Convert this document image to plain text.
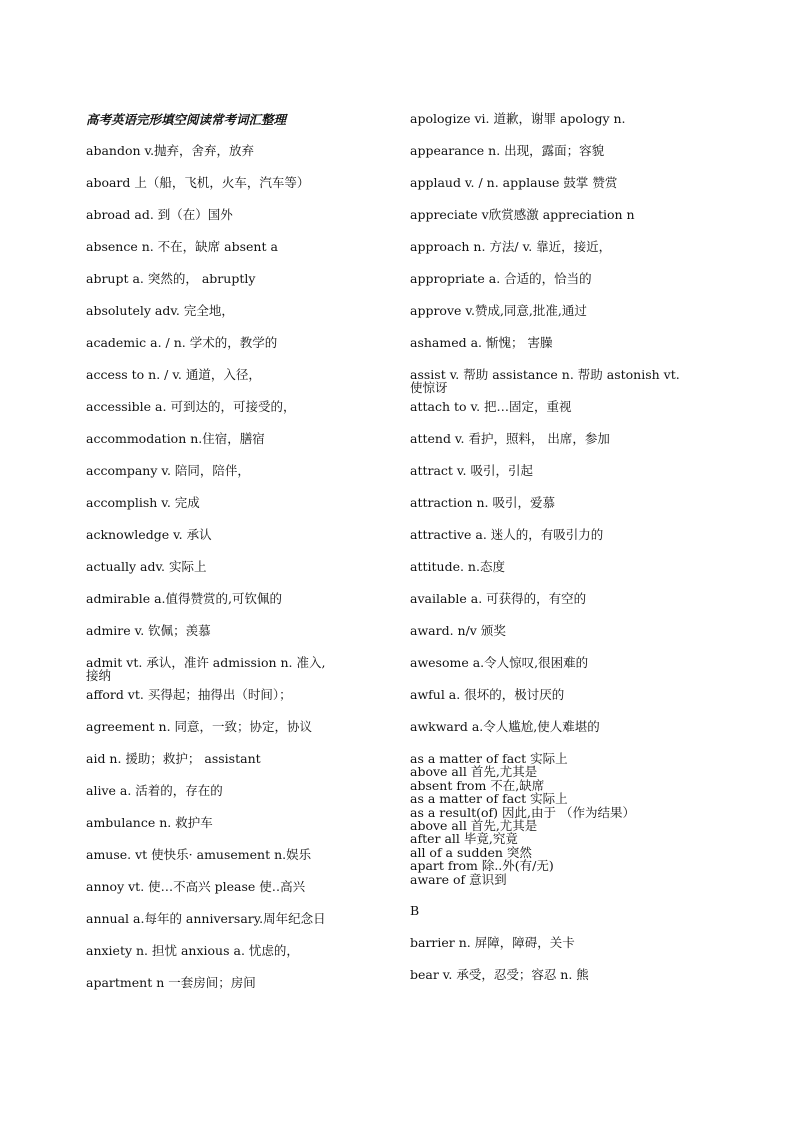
高考英语完形填空阅读常考词汇整理
abandon v.抛弃，舍弃，放弃
aboard 上（船，飞机，火车，汽车等）
abroad ad. 到（在）国外
absence n. 不在，缺席 absent a
abrupt a. 突然的， abruptly
absolutely adv. 完全地，
academic a. / n. 学术的，教学的
access to n. / v. 通道，入径，
accessible a. 可到达的，可接受的，
accommodation n.住宿，膳宿
accompany v. 陪同，陪伴，
accomplish v. 完成
acknowledge v. 承认
actually adv. 实际上
admirable a.值得赞赏的,可钦佩的
admire v. 钦佩；羡慕
admit vt. 承认，准许 admission n. 准入, 接纳
afford vt. 买得起；抽得出（时间）；
agreement n. 同意，一致；协定，协议
aid n. 援助；救护； assistant
alive a. 活着的，存在的
ambulance n. 救护车
amuse. vt 使快乐· amusement n.娱乐
annoy vt. 使…不高兴 please 使‥高兴
annual a.每年的 anniversary.周年纪念日
anxiety n. 担忧 anxious a. 忧虑的，
apartment n 一套房间；房间
apologize vi. 道歉，谢罪 apology n.
appearance n. 出现，露面；容貌
applaud v. / n. applause 鼓掌 赞赏
appreciate v欣赏感激 appreciation n
approach n. 方法/ v. 靠近，接近，
appropriate a. 合适的，恰当的
approve v.赞成,同意,批准,通过
ashamed a. 惭愧； 害臊
assist v. 帮助 assistance n. 帮助 astonish vt. 使惊讶
attach to v. 把…固定，重视
attend v. 看护，照料， 出席，参加
attract v. 吸引，引起
attraction n. 吸引，爱慕
attractive a. 迷人的，有吸引力的
attitude. n.态度
available a. 可获得的，有空的
award. n/v 颁奖
awesome a.令人惊叹,很困难的
awful a. 很坏的，极讨厌的
awkward a.令人尴尬,使人难堪的
as a matter of fact 实际上
above all 首先,尤其是
absent from 不在,缺席
as a matter of fact 实际上
as a result(of) 因此,由于 （作为结果）
above all 首先,尤其是
after all 毕竟,究竟
all of a sudden 突然
apart from 除..外(有/无)
aware of 意识到
B
barrier n. 屏障，障碍，关卡
bear v. 承受，忍受；容忍 n. 熊
